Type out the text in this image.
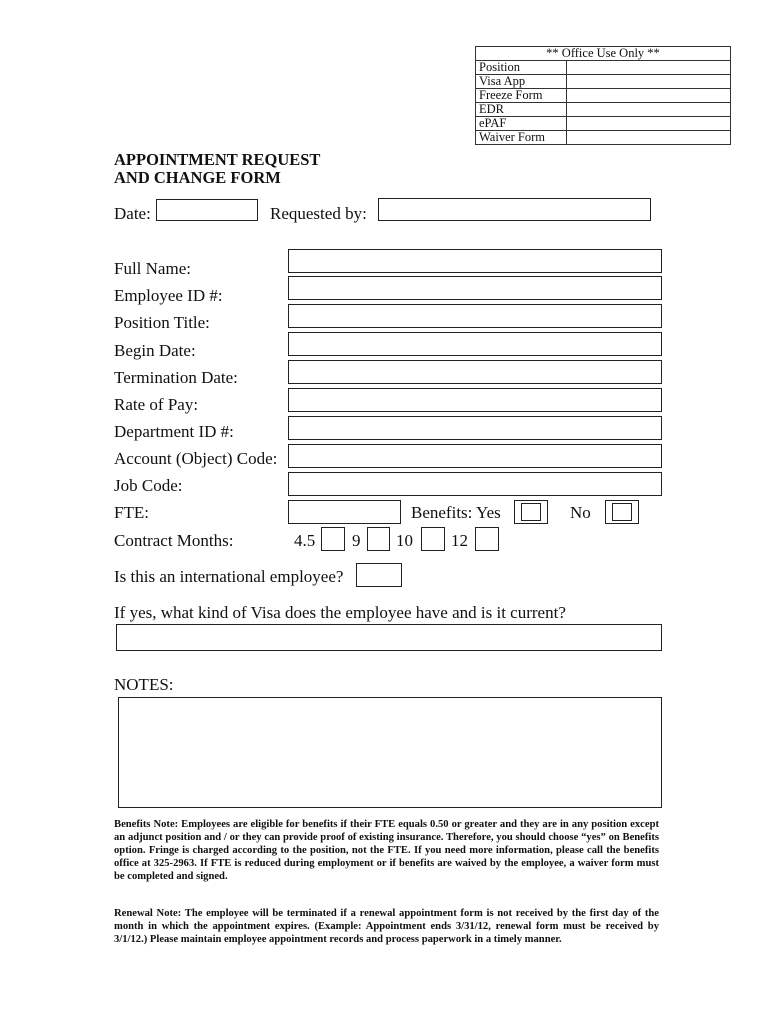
** Office Use Only **	
Position	
Visa App	
Freeze Form	
EDR	
ePAF	
Waiver Form	
APPOINTMENT REQUEST
AND CHANGE FORM
Date:	Requested by:
Full Name:
Employee ID #:
Position Title:
Begin Date:
Termination Date:
Rate of Pay:
Department ID #:
Account (Object) Code:
Job Code:
FTE:	Benefits: Yes	No
Contract Months:	4.5 9 10 12
Is this an international employee?
If yes, what kind of Visa does the employee have and is it current?
NOTES:
Benefits Note: Employees are eligible for benefits if their FTE equals 0.50 or greater and they are in any position except an adjunct position and / or they can provide proof of existing insurance. Therefore, you should choose “yes” on Benefits option. Fringe is charged according to the position, not the FTE. If you need more information, please call the benefits office at 325-2963. If FTE is reduced during employment or if benefits are waived by the employee, a waiver form must be completed and signed.
Renewal Note: The employee will be terminated if a renewal appointment form is not received by the first day of the month in which the appointment expires. (Example: Appointment ends 3/31/12, renewal form must be received by 3/1/12.) Please maintain employee appointment records and process paperwork in a timely manner.
